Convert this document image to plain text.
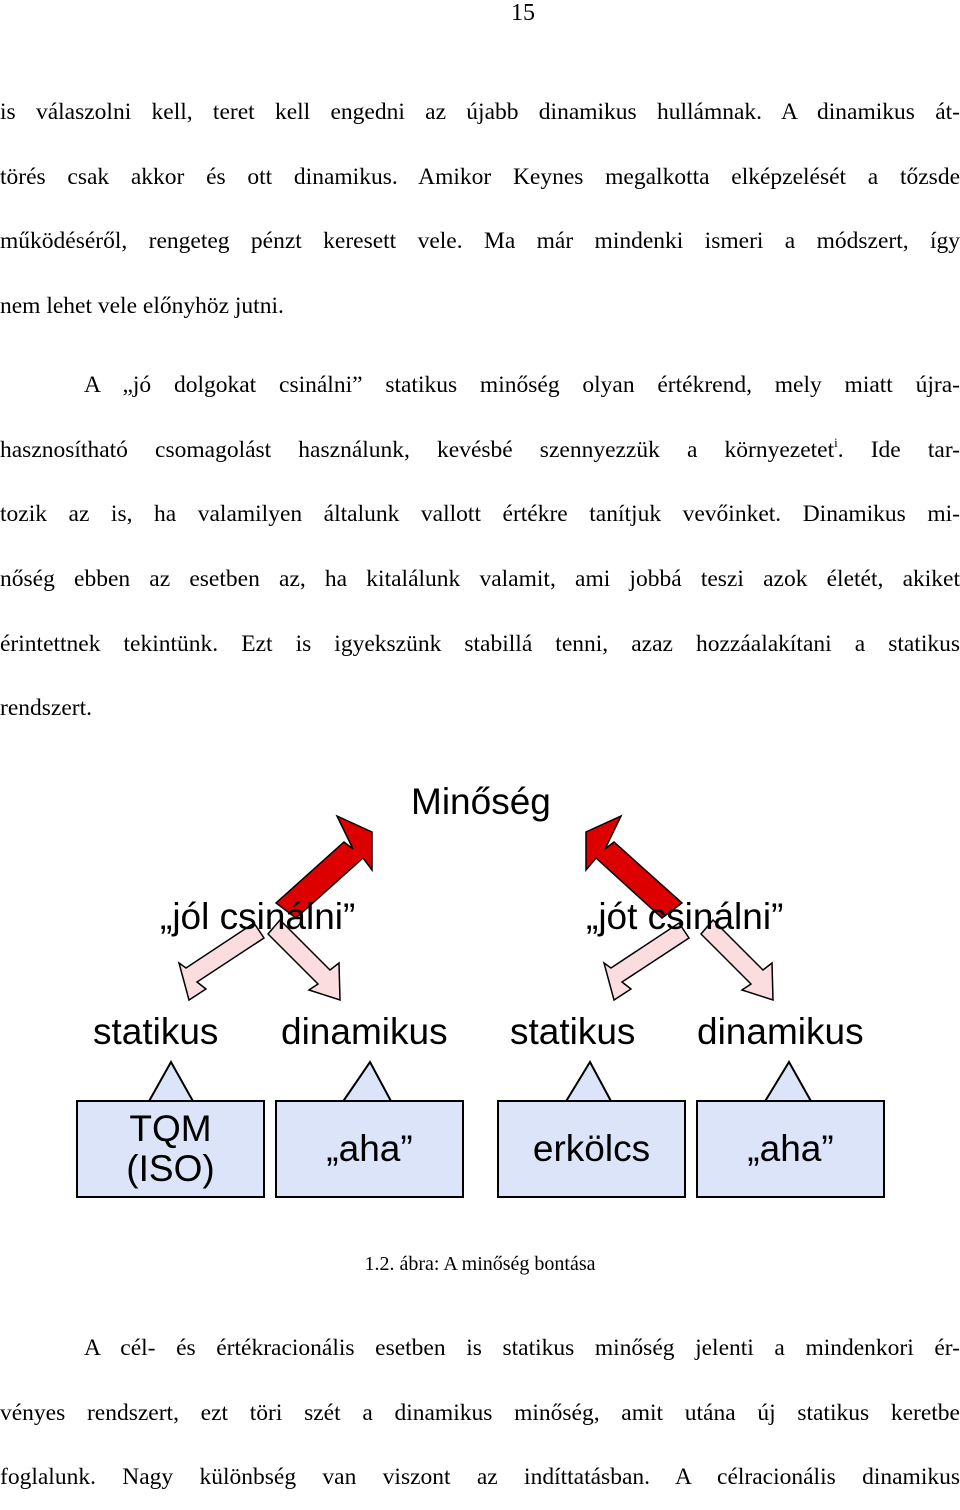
15
is válaszolni kell, teret kell engedni az újabb dinamikus hullámnak. A dinamikus át-
törés csak akkor és ott dinamikus. Amikor Keynes megalkotta elképzelését a tőzsde
működéséről, rengeteg pénzt keresett vele. Ma már mindenki ismeri a módszert, így
nem lehet vele előnyhöz jutni.
A „jó dolgokat csinálni” statikus minőség olyan értékrend, mely miatt újra-
hasznosítható csomagolást használunk, kevésbé szennyezzük a környezetet$^i$. Ide tar-
tozik az is, ha valamilyen általunk vallott értékre tanítjuk vevőinket. Dinamikus mi-
nőség ebben az esetben az, ha kitalálunk valamit, ami jobbá teszi azok életét, akiket
érintettnek tekintünk. Ezt is igyekszünk stabillá tenni, azaz hozzáalakítani a statikus
rendszert.
Minőség
„jól csinálni”	„jót csinálni”
statikus dinamikus statikus dinamikus
TQM
(ISO)	„aha”	erkölcs	„aha”
1.2. ábra: A minőség bontása
A cél- és értékracionális esetben is statikus minőség jelenti a mindenkori ér-
vényes rendszert, ezt töri szét a dinamikus minőség, amit utána új statikus keretbe
foglalunk. Nagy különbség van viszont az indíttatásban. A célracionális dinamikus
